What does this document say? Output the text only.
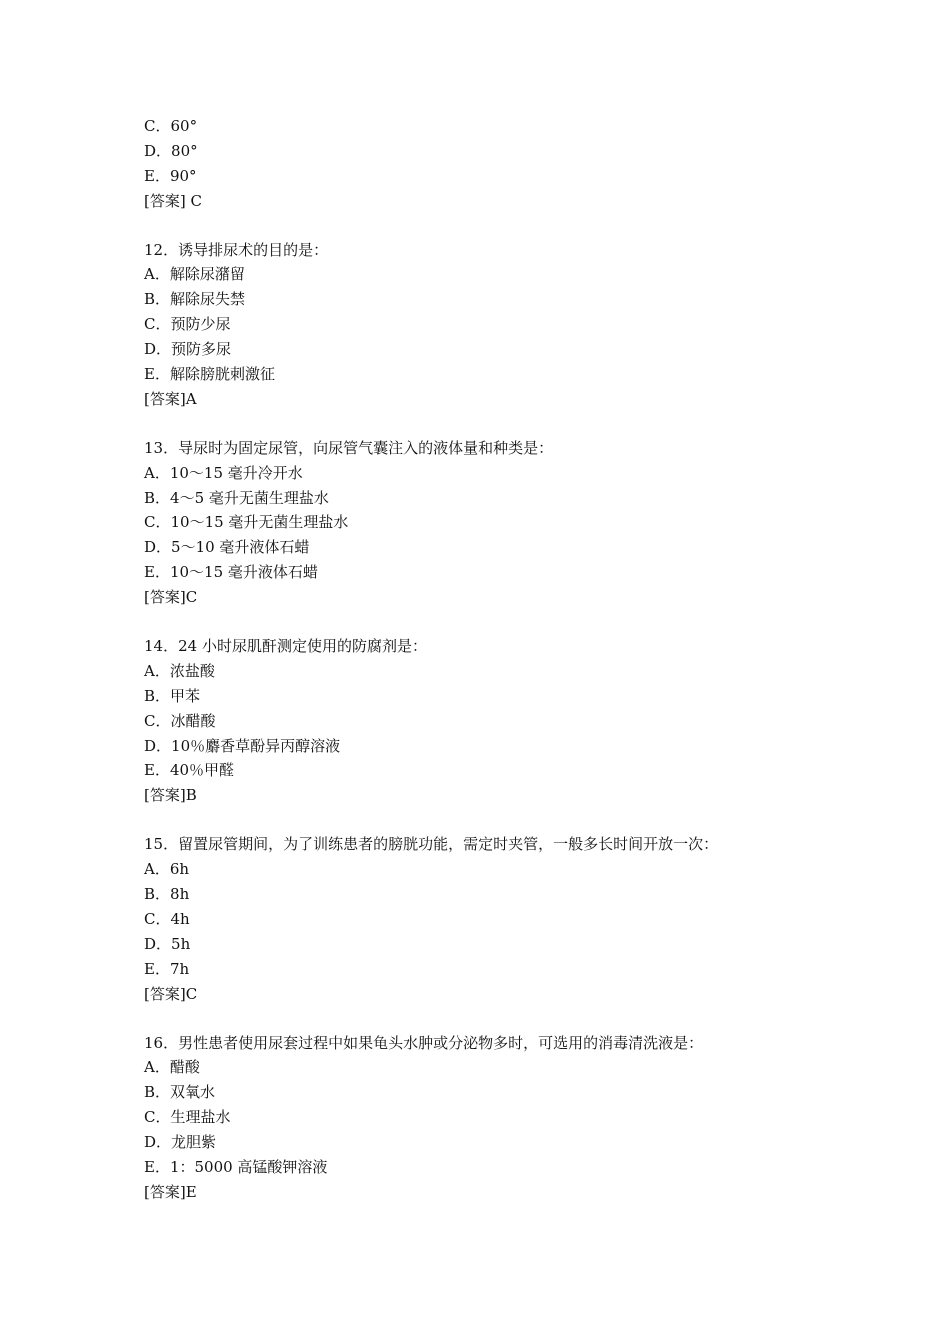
C．60°
D．80°
E．90°
[答案] C
12．诱导排尿术的目的是：
A．解除尿潴留
B．解除尿失禁
C．预防少尿
D．预防多尿
E．解除膀胱刺激征
[答案]A
13．导尿时为固定尿管，向尿管气囊注入的液体量和种类是：
A．10～15 毫升冷开水
B．4～5 毫升无菌生理盐水
C．10～15 毫升无菌生理盐水
D．5～10 毫升液体石蜡
E．10～15 毫升液体石蜡
[答案]C
14．24 小时尿肌酐测定使用的防腐剂是：
A．浓盐酸
B．甲苯
C．冰醋酸
D．10％麝香草酚异丙醇溶液
E．40％甲醛
[答案]B
15．留置尿管期间，为了训练患者的膀胱功能，需定时夹管，一般多长时间开放一次：
A．6h
B．8h
C．4h
D．5h
E．7h
[答案]C
16．男性患者使用尿套过程中如果龟头水肿或分泌物多时，可选用的消毒清洗液是：
A．醋酸
B．双氧水
C．生理盐水
D．龙胆紫
E．1：5000 高锰酸钾溶液
[答案]E
